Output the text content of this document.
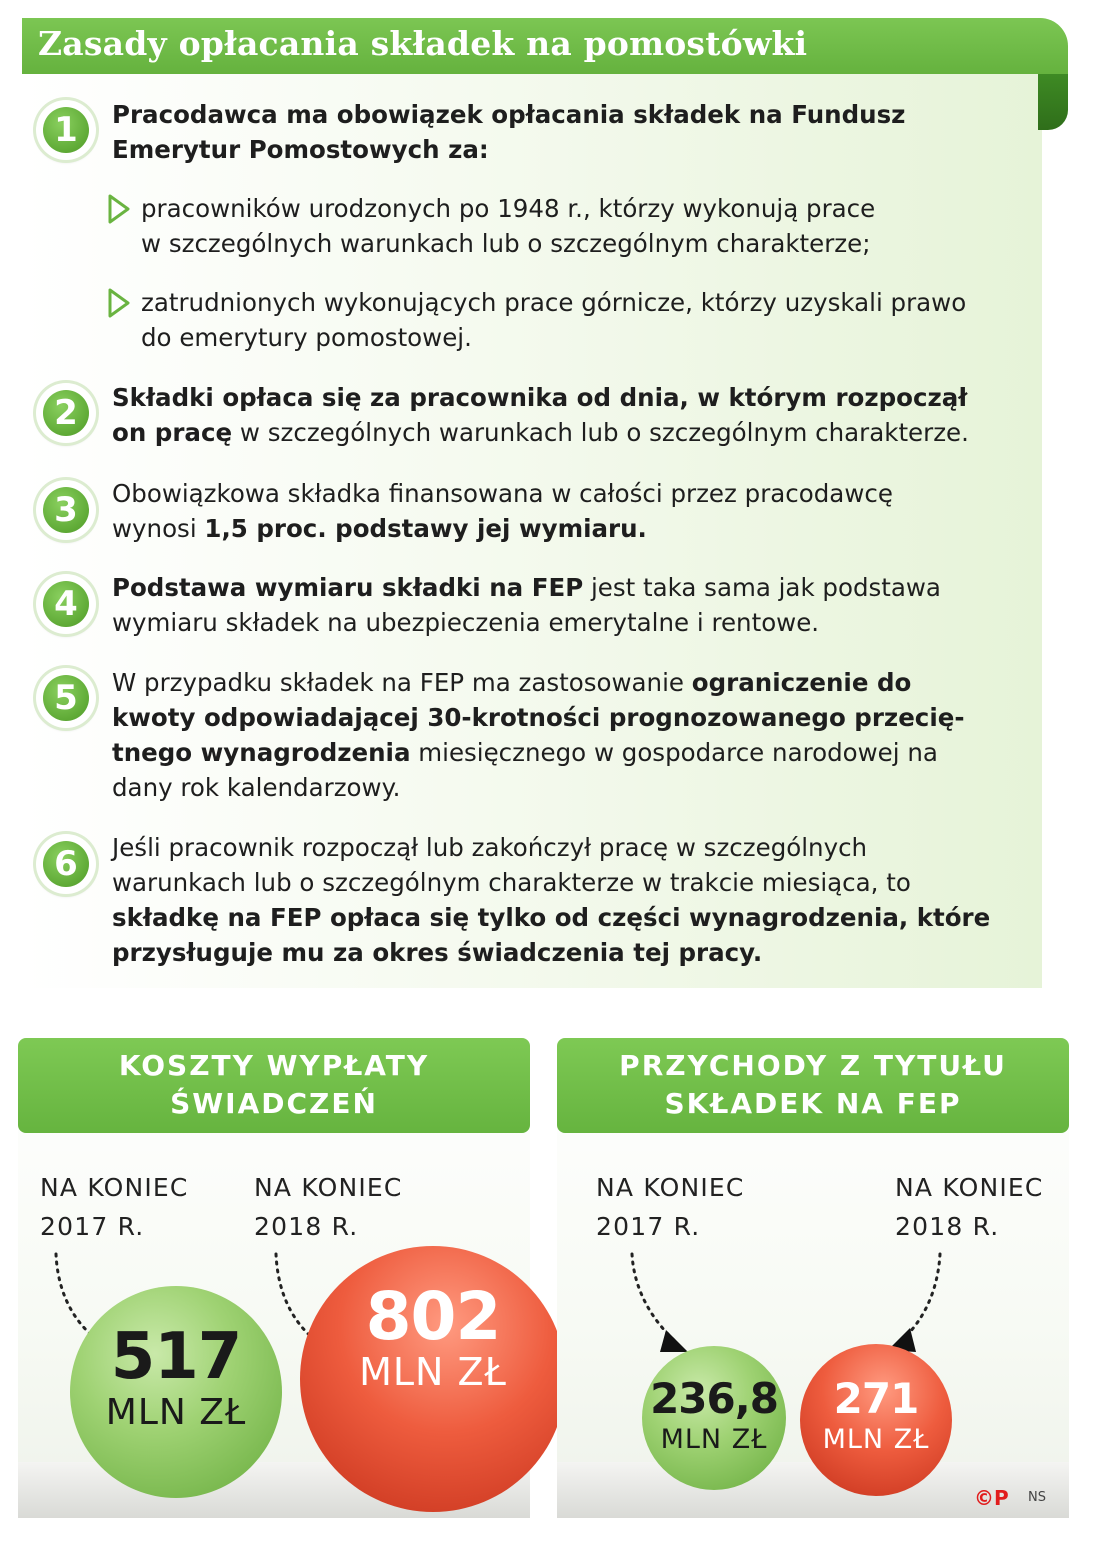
Zasady opłacania składek na pomostówki
1	Pracodawca ma obowiązek opłacania składek na Fundusz
Emerytur Pomostowych za:
pracowników urodzonych po 1948 r., którzy wykonują prace
w szczególnych warunkach lub o szczególnym charakterze;
zatrudnionych wykonujących prace górnicze, którzy uzyskali prawo
do emerytury pomostowej.
2	Składki opłaca się za pracownika od dnia, w którym rozpoczął
on pracę w szczególnych warunkach lub o szczególnym charakterze.
3	Obowiązkowa składka finansowana w całości przez pracodawcę
wynosi 1,5 proc. podstawy jej wymiaru.
4	Podstawa wymiaru składki na FEP jest taka sama jak podstawa
wymiaru składek na ubezpieczenia emerytalne i rentowe.
5	W przypadku składek na FEP ma zastosowanie ograniczenie do
kwoty odpowiadającej 30-krotności prognozowanego przecię-
tnego wynagrodzenia miesięcznego w gospodarce narodowej na
dany rok kalendarzowy.
6	Jeśli pracownik rozpoczął lub zakończył pracę w szczególnych
warunkach lub o szczególnym charakterze w trakcie miesiąca, to
składkę na FEP opłaca się tylko od części wynagrodzenia, które
przysługuje mu za okres świadczenia tej pracy.
KOSZTY WYPŁATY
ŚWIADCZEŃ
NA KONIEC
2017 R.
NA KONIEC
2018 R.
517
MLN ZŁ
802
MLN ZŁ
PRZYCHODY Z TYTUŁU
SKŁADEK NA FEP
NA KONIEC
2017 R.
NA KONIEC
2018 R.
236,8
MLN ZŁ
271
MLN ZŁ
©P NS
